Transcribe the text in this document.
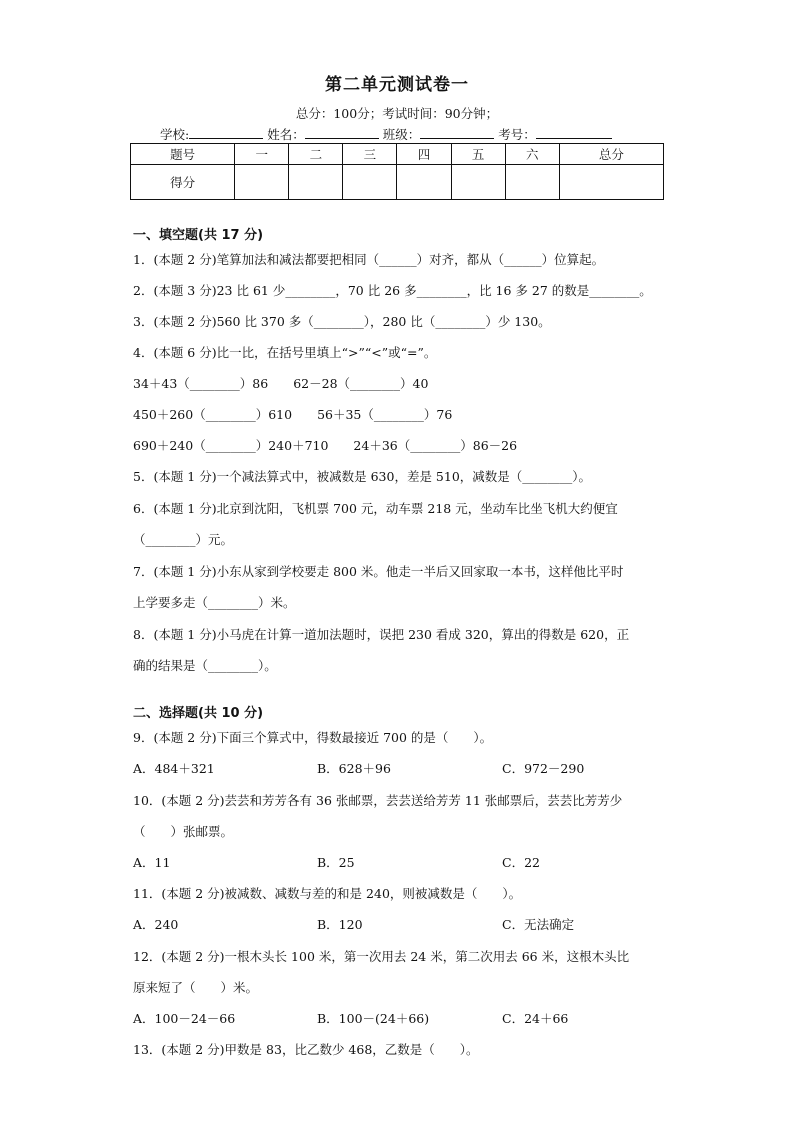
第二单元测试卷一
总分：100分；考试时间：90分钟；
学校:	姓名：	班级：	考号：
题号	一	二	三	四	五	六	总分
得分							
一、填空题(共 17 分)
1．(本题 2 分)笔算加法和减法都要把相同（______）对齐，都从（______）位算起。
2．(本题 3 分)23 比 61 少________，70 比 26 多________，比 16 多 27 的数是________。
3．(本题 2 分)560 比 370 多（________），280 比（________）少 130。
4．(本题 6 分)比一比，在括号里填上“>”“<”或“=”。
34＋43（________）86　　62－28（________）40
450＋260（________）610　　56＋35（________）76
690＋240（________）240＋710　　24＋36（________）86－26
5．(本题 1 分)一个减法算式中，被减数是 630，差是 510，减数是（________）。
6．(本题 1 分)北京到沈阳，飞机票 700 元，动车票 218 元，坐动车比坐飞机大约便宜
（________）元。
7．(本题 1 分)小东从家到学校要走 800 米。他走一半后又回家取一本书，这样他比平时
上学要多走（________）米。
8．(本题 1 分)小马虎在计算一道加法题时，误把 230 看成 320，算出的得数是 620，正
确的结果是（________）。
二、选择题(共 10 分)
9．(本题 2 分)下面三个算式中，得数最接近 700 的是（　　）。
A．484＋321	B．628＋96	C．972－290
10．(本题 2 分)芸芸和芳芳各有 36 张邮票，芸芸送给芳芳 11 张邮票后，芸芸比芳芳少
（　　）张邮票。
A．11	B．25	C．22
11．(本题 2 分)被减数、减数与差的和是 240，则被减数是（　　）。
A．240	B．120	C．无法确定
12．(本题 2 分)一根木头长 100 米，第一次用去 24 米，第二次用去 66 米，这根木头比
原来短了（　　）米。
A．100－24－66	B．100－(24＋66)	C．24＋66
13．(本题 2 分)甲数是 83，比乙数少 468，乙数是（　　）。
